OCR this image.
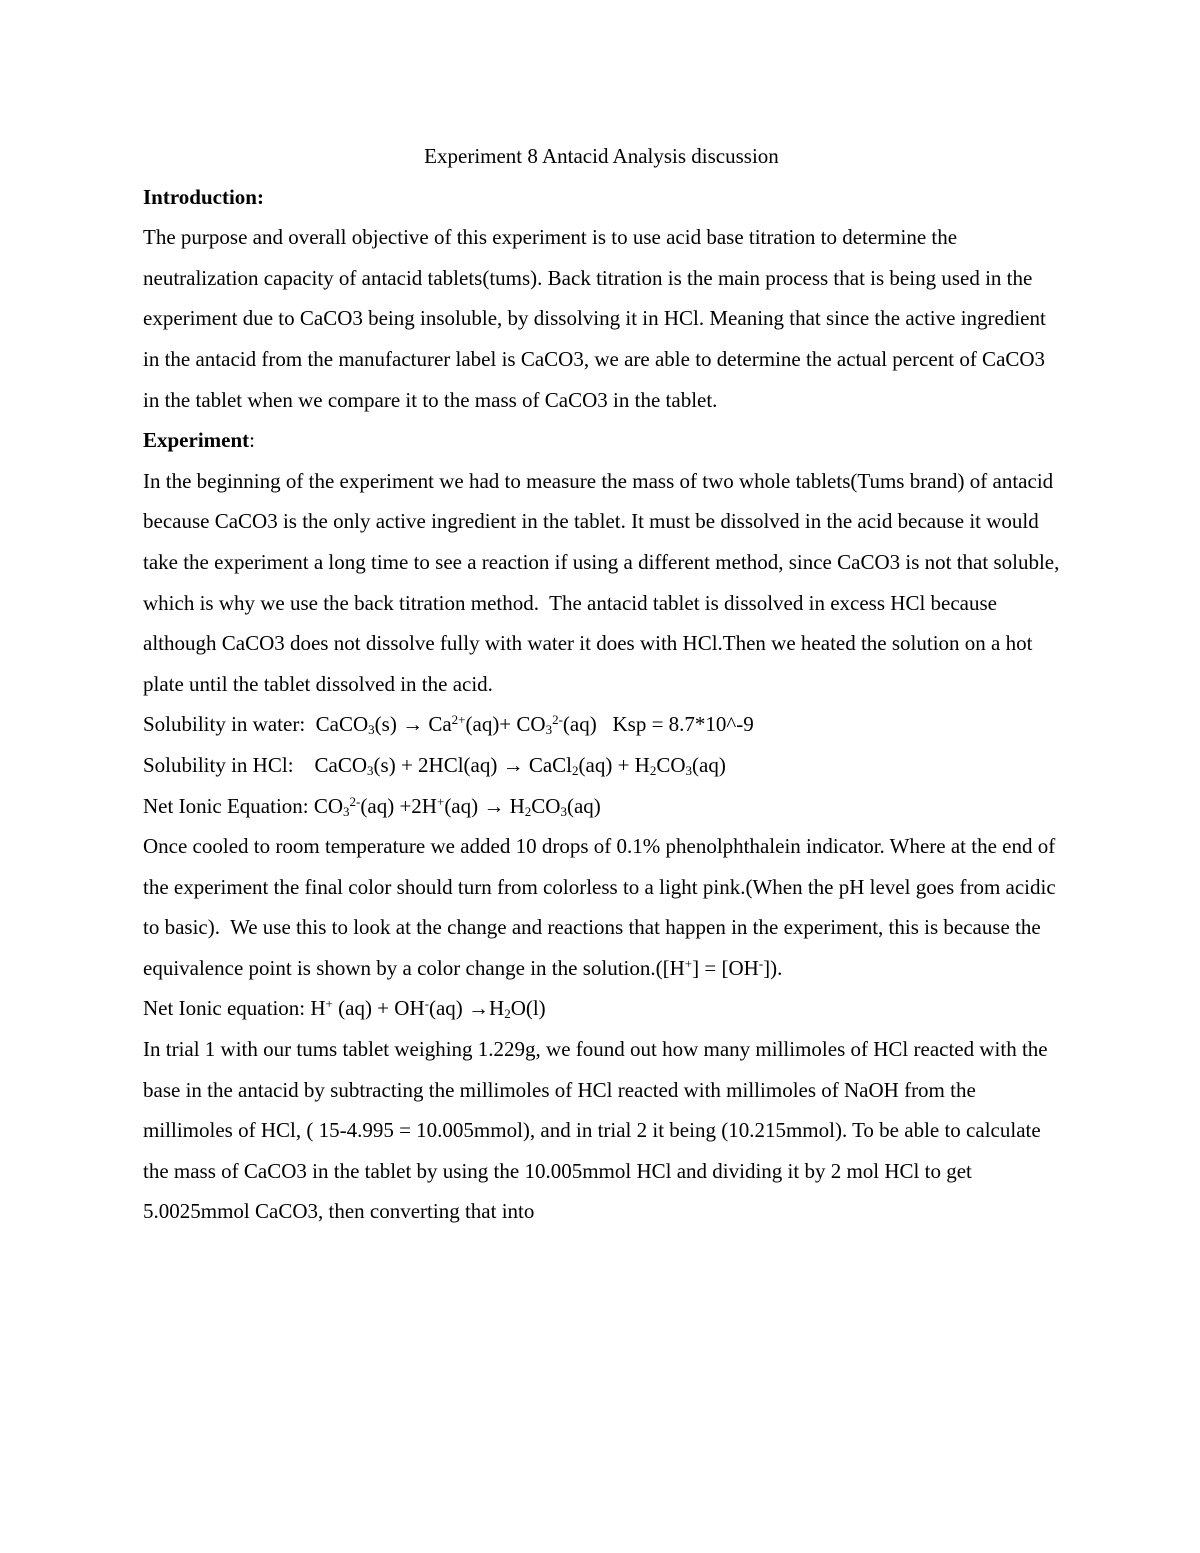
Experiment 8 Antacid Analysis discussion

Introduction:

The purpose and overall objective of this experiment is to use acid base titration to determine the neutralization capacity of antacid tablets(tums). Back titration is the main process that is being used in the experiment due to CaCO3 being insoluble, by dissolving it in HCl. Meaning that since the active ingredient in the antacid from the manufacturer label is CaCO3, we are able to determine the actual percent of CaCO3 in the tablet when we compare it to the mass of CaCO3 in the tablet.

Experiment:

In the beginning of the experiment we had to measure the mass of two whole tablets(Tums brand) of antacid because CaCO3 is the only active ingredient in the tablet. It must be dissolved in the acid because it would take the experiment a long time to see a reaction if using a different method, since CaCO3 is not that soluble, which is why we use the back titration method.  The antacid tablet is dissolved in excess HCl because although CaCO3 does not dissolve fully with water it does with HCl.Then we heated the solution on a hot plate until the tablet dissolved in the acid.

Solubility in water:  CaCO$_3$(s) → $Ca^{2+}(aq)+ CO_3^{2-}(aq)$   Ksp = 8.7*10^-9

Solubility in HCl:    CaCO$_3$(s) + 2HCl(aq) → CaCl$_2$(aq) + $H_2CO_3(aq)$

Net Ionic Equation: $CO_3^{2-}(aq) +2H^+(aq) \to H_2CO_3(aq)$

Once cooled to room temperature we added 10 drops of 0.1% phenolphthalein indicator. Where at the end of the experiment the final color should turn from colorless to a light pink.(When the pH level goes from acidic to basic).  We use this to look at the change and reactions that happen in the experiment, this is because the equivalence point is shown by a color change in the solution.([H+] = [OH-]).

Net Ionic equation: H+ $(aq) + OH^-(aq) \to H_2O(l)$

In trial 1 with our tums tablet weighing 1.229g, we found out how many millimoles of HCl reacted with the base in the antacid by subtracting the millimoles of HCl reacted with millimoles of NaOH from the millimoles of HCl, ( 15-4.995 = 10.005mmol), and in trial 2 it being (10.215mmol). To be able to calculate the mass of CaCO3 in the tablet by using the 10.005mmol HCl and dividing it by 2 mol HCl to get 5.0025mmol CaCO3, then converting that into
